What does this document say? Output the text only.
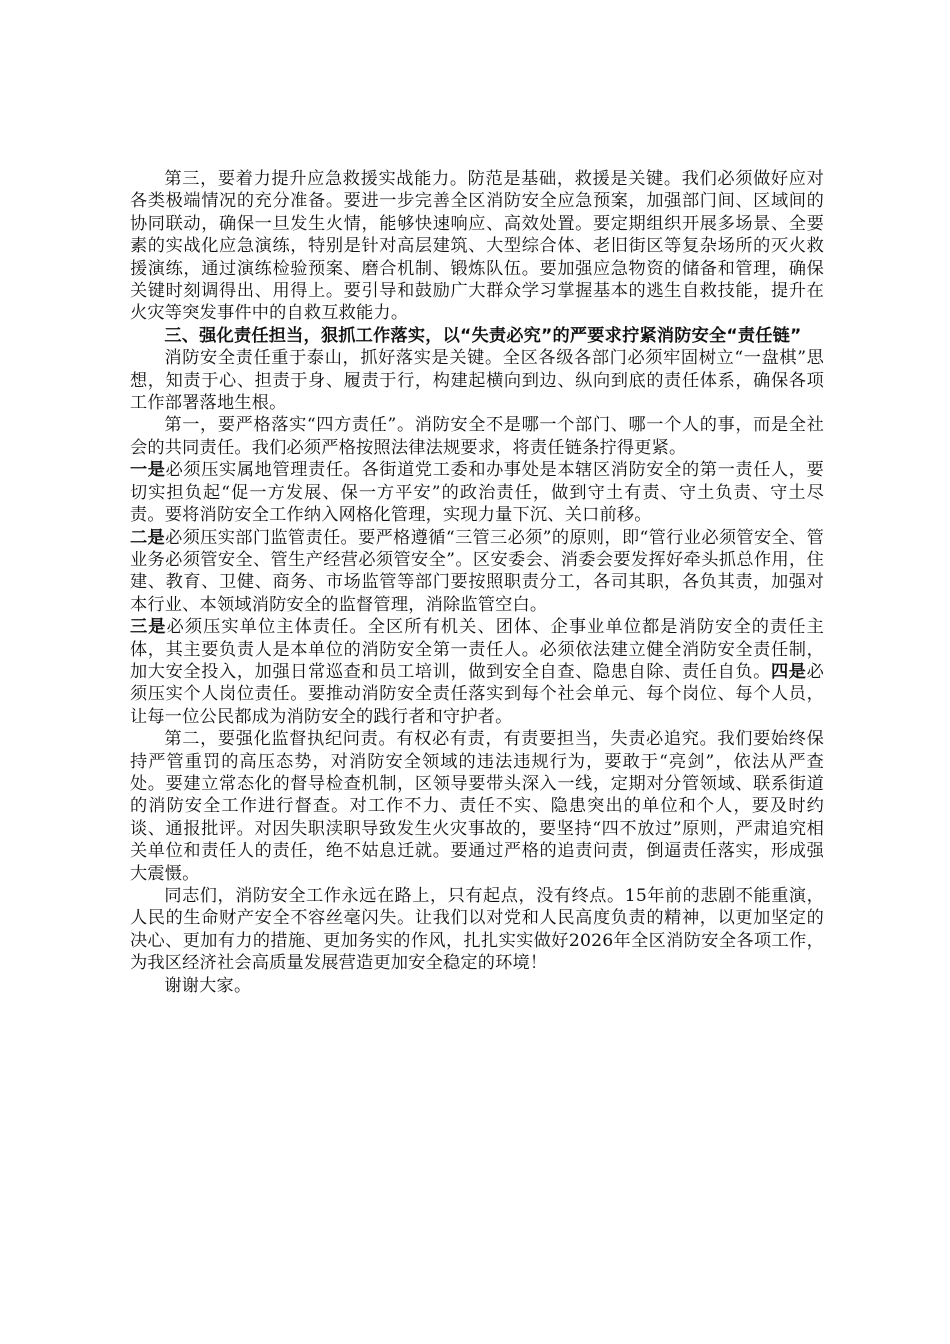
第三，要着力提升应急救援实战能力。防范是基础，救援是关键。我们必须做好应对各类极端情况的充分准备。要进一步完善全区消防安全应急预案，加强部门间、区域间的协同联动，确保一旦发生火情，能够快速响应、高效处置。要定期组织开展多场景、全要素的实战化应急演练，特别是针对高层建筑、大型综合体、老旧街区等复杂场所的灭火救援演练，通过演练检验预案、磨合机制、锻炼队伍。要加强应急物资的储备和管理，确保关键时刻调得出、用得上。要引导和鼓励广大群众学习掌握基本的逃生自救技能，提升在火灾等突发事件中的自救互救能力。

三、强化责任担当，狠抓工作落实，以“失责必究”的严要求拧紧消防安全“责任链”

消防安全责任重于泰山，抓好落实是关键。全区各级各部门必须牢固树立“一盘棋”思想，知责于心、担责于身、履责于行，构建起横向到边、纵向到底的责任体系，确保各项工作部署落地生根。

第一，要严格落实“四方责任”。消防安全不是哪一个部门、哪一个人的事，而是全社会的共同责任。我们必须严格按照法律法规要求，将责任链条拧得更紧。

一是必须压实属地管理责任。各街道党工委和办事处是本辖区消防安全的第一责任人，要切实担负起“促一方发展、保一方平安”的政治责任，做到守土有责、守土负责、守土尽责。要将消防安全工作纳入网格化管理，实现力量下沉、关口前移。

二是必须压实部门监管责任。要严格遵循“三管三必须”的原则，即“管行业必须管安全、管业务必须管安全、管生产经营必须管安全”。区安委会、消委会要发挥好牵头抓总作用，住建、教育、卫健、商务、市场监管等部门要按照职责分工，各司其职，各负其责，加强对本行业、本领域消防安全的监督管理，消除监管空白。

三是必须压实单位主体责任。全区所有机关、团体、企事业单位都是消防安全的责任主体，其主要负责人是本单位的消防安全第一责任人。必须依法建立健全消防安全责任制，加大安全投入，加强日常巡查和员工培训，做到安全自查、隐患自除、责任自负。四是必须压实个人岗位责任。要推动消防安全责任落实到每个社会单元、每个岗位、每个人员，让每一位公民都成为消防安全的践行者和守护者。

第二，要强化监督执纪问责。有权必有责，有责要担当，失责必追究。我们要始终保持严管重罚的高压态势，对消防安全领域的违法违规行为，要敢于“亮剑”，依法从严查处。要建立常态化的督导检查机制，区领导要带头深入一线，定期对分管领域、联系街道的消防安全工作进行督查。对工作不力、责任不实、隐患突出的单位和个人，要及时约谈、通报批评。对因失职渎职导致发生火灾事故的，要坚持“四不放过”原则，严肃追究相关单位和责任人的责任，绝不姑息迁就。要通过严格的追责问责，倒逼责任落实，形成强大震慑。

同志们，消防安全工作永远在路上，只有起点，没有终点。15年前的悲剧不能重演，人民的生命财产安全不容丝毫闪失。让我们以对党和人民高度负责的精神，以更加坚定的决心、更加有力的措施、更加务实的作风，扎扎实实做好2026年全区消防安全各项工作，为我区经济社会高质量发展营造更加安全稳定的环境！

谢谢大家。
